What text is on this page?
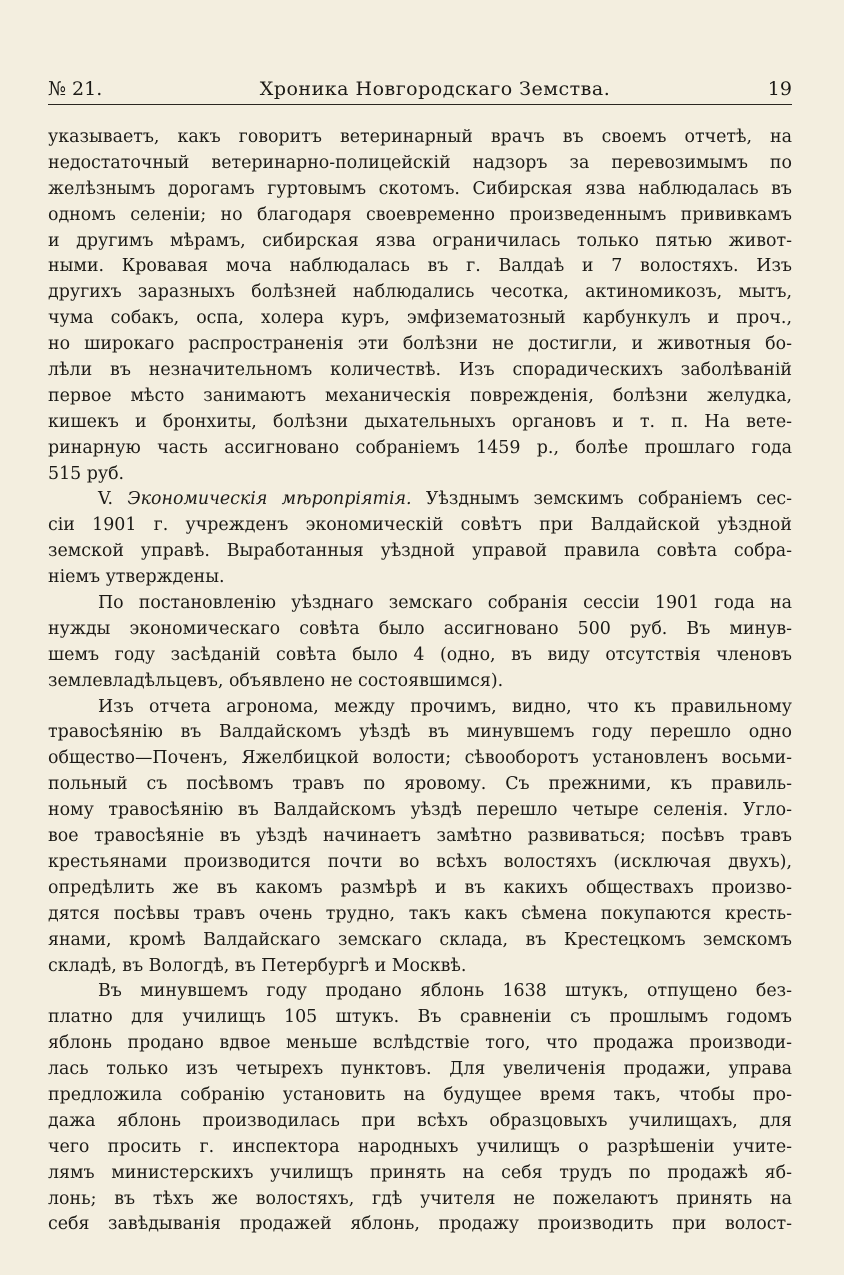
№ 21.	Хроника Новгородскаго Земства.	19
указываетъ, какъ говоритъ ветеринарный врачъ въ своемъ отчетѣ, на
недостаточный ветеринарно-полицейскій надзоръ за перевозимымъ по
желѣзнымъ дорогамъ гуртовымъ скотомъ. Сибирская язва наблюдалась въ
одномъ селеніи; но благодаря своевременно произведеннымъ прививкамъ
и другимъ мѣрамъ, сибирская язва ограничилась только пятью живот-
ными. Кровавая моча наблюдалась въ г. Валдаѣ и 7 волостяхъ. Изъ
другихъ заразныхъ болѣзней наблюдались чесотка, актиномикозъ, мытъ,
чума собакъ, оспа, холера куръ, эмфизематозный карбункулъ и проч.,
но широкаго распространенія эти болѣзни не достигли, и животныя бо-
лѣли въ незначительномъ количествѣ. Изъ спорадическихъ заболѣваній
первое мѣсто занимаютъ механическія поврежденія, болѣзни желудка,
кишекъ и бронхиты, болѣзни дыхательныхъ органовъ и т. п. На вете-
ринарную часть ассигновано собраніемъ 1459 р., болѣе прошлаго года
515 руб.
V. Экономическія мѣропріятія. Уѣзднымъ земскимъ собраніемъ сес-
сіи 1901 г. учрежденъ экономическій совѣтъ при Валдайской уѣздной
земской управѣ. Выработанныя уѣздной управой правила совѣта собра-
ніемъ утверждены.
По постановленію уѣзднаго земскаго собранія сессіи 1901 года на
нужды экономическаго совѣта было ассигновано 500 руб. Въ минув-
шемъ году засѣданій совѣта было 4 (одно, въ виду отсутствія членовъ
землевладѣльцевъ, объявлено не состоявшимся).
Изъ отчета агронома, между прочимъ, видно, что къ правильному
травосѣянію въ Валдайскомъ уѣздѣ въ минувшемъ году перешло одно
общество—Поченъ, Яжелбицкой волости; сѣвооборотъ установленъ восьми-
польный съ посѣвомъ травъ по яровому. Съ прежними, къ правиль-
ному травосѣянію въ Валдайскомъ уѣздѣ перешло четыре селенія. Угло-
вое травосѣяніе въ уѣздѣ начинаетъ замѣтно развиваться; посѣвъ травъ
крестьянами производится почти во всѣхъ волостяхъ (исключая двухъ),
опредѣлить же въ какомъ размѣрѣ и въ какихъ обществахъ произво-
дятся посѣвы травъ очень трудно, такъ какъ сѣмена покупаются кресть-
янами, кромѣ Валдайскаго земскаго склада, въ Крестецкомъ земскомъ
складѣ, въ Вологдѣ, въ Петербургѣ и Москвѣ.
Въ минувшемъ году продано яблонь 1638 штукъ, отпущено без-
платно для училищъ 105 штукъ. Въ сравненіи съ прошлымъ годомъ
яблонь продано вдвое меньше вслѣдствіе того, что продажа производи-
лась только изъ четырехъ пунктовъ. Для увеличенія продажи, управа
предложила собранію установить на будущее время такъ, чтобы про-
дажа яблонь производилась при всѣхъ образцовыхъ училищахъ, для
чего просить г. инспектора народныхъ училищъ о разрѣшеніи учите-
лямъ министерскихъ училищъ принять на себя трудъ по продажѣ яб-
лонь; въ тѣхъ же волостяхъ, гдѣ учителя не пожелаютъ принять на
себя завѣдыванія продажей яблонь, продажу производить при волост-
